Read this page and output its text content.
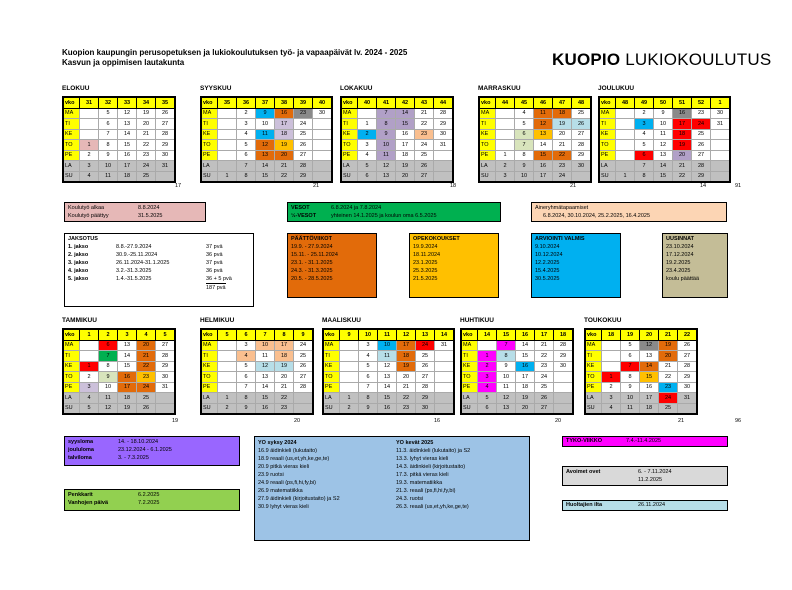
Kuopion kaupungin perusopetuksen ja lukiokoulutuksen työ- ja vapaapäivät lv. 2024 - 2025
Kasvun ja oppimisen lautakunta	KUOPIO LUKIOKOULUTUS
ELOKUU
vko	31	32	33	34	35
MA		5	12	19	26
TI		6	13	20	27
KE		7	14	21	28
TO	1	8	15	22	29
PE	2	9	16	23	30
LA	3	10	17	24	31
SU	4	11	18	25	
17
SYYSKUU
vko	35	36	37	38	39	40
MA		2	9	16	23	30
TI		3	10	17	24	
KE		4	11	18	25	
TO		5	12	19	26	
PE		6	13	20	27	
LA		7	14	21	28	
SU	1	8	15	22	29	
21
LOKAKUU
vko	40	41	42	43	44
MA		7	14	21	28
TI	1	8	15	22	29
KE	2	9	16	23	30
TO	3	10	17	24	31
PE	4	11	18	25	
LA	5	12	19	26	
SU	6	13	20	27	
18
MARRASKUU
vko	44	45	46	47	48
MA		4	11	18	25
TI		5	12	19	26
KE		6	13	20	27
TO		7	14	21	28
PE	1	8	15	22	29
LA	2	9	16	23	30
SU	3	10	17	24	
21
JOULUKUU
vko	48	49	50	51	52	1
MA		2	9	16	23	30
TI		3	10	17	24	31
KE		4	11	18	25	
TO		5	12	19	26	
PE		6	13	20	27	
LA		7	14	21	28	
SU	1	8	15	22	29	
14
TAMMIKUU
vko	1	2	3	4	5
MA		6	13	20	27
TI		7	14	21	28
KE	1	8	15	22	29
TO	2	9	16	23	30
PE	3	10	17	24	31
LA	4	11	18	25	
SU	5	12	19	26	
19
HELMIKUU
vko	5	6	7	8	9
MA		3	10	17	24
TI		4	11	18	25
KE		5	12	19	26
TO		6	13	20	27
PE		7	14	21	28
LA	1	8	15	22	
SU	2	9	16	23	
20
MAALISKUU
vko	9	10	11	12	13	14
MA		3	10	17	24	31
TI		4	11	18	25	
KE		5	12	19	26	
TO		6	13	20	27	
PE		7	14	21	28	
LA	1	8	15	22	29	
SU	2	9	16	23	30	
16
HUHTIKUU
vko	14	15	16	17	18
MA		7	14	21	28
TI	1	8	15	22	29
KE	2	9	16	23	30
TO	3	10	17	24	
PE	4	11	18	25	
LA	5	12	19	26	
SU	6	13	20	27	
20
TOUKOKUU
vko	18	19	20	21	22
MA		5	12	19	26
TI		6	13	20	27
KE		7	14	21	28
TO	1	8	15	22	29
PE	2	9	16	23	30
LA	3	10	17	24	31
SU	4	11	18	25	
21
91
96
Koulutyö alkaa	8.8.2024
Koulutyö päättyy	31.5.2025
VESOT	6.8.2024 ja 7.8.2024
½-VESOT	yhteinen 14.1.2025 ja koulun oma 6.5.2025
Aineryhmätapaamiset
6.8.2024, 30.10.2024, 25.2.2025, 16.4.2025
JAKSOTUS
1. jakso	8.8.-27.9.2024	37 pvä
2. jakso	30.9.-25.11.2024	36 pvä
3. jakso	26.11.2024-31.1.2025	37 pvä
4. jakso	3.2.-31.3.2025	36 pvä
5. jakso	1.4.-31.5.2025	36 + 5 pvä
187 pvä
PÄÄTTÖVIIKOT
19.9. - 27.9.2024
15.11. - 25.11.2024
23.1. - 31.1.2025
24.3. - 31.3.2025
20.5. - 28.5.2025
OPEKOKOUKSET
19.9.2024
18.11.2024
23.1.2025
25.3.2025
21.5.2025
ARVIOINTI VALMIS
9.10.2024
10.12.2024
12.2.2025
15.4.2025
30.5.2025
UUSINNAT
23.10.2024
17.12.2024
19.2.2025
23.4.2025
koulu päättää
syysloma	14. - 18.10.2024
joululoma	23.12.2024 - 6.1.2025
talviloma	3. - 7.3.2025
Penkkarit	6.2.2025
Vanhojen päivä	7.2.2025
YO syksy 2024
16.9 äidinkieli (lukutaito)
18.9 reaali (us,et,yh,ke,ge,te)
20.9 pitkä vieras kieli
23.9 ruotsi
24.9 reaali (ps,fi,hi,fy,bi)
26.9 matematiikka
27.9 äidinkieli (kirjoitustaito) ja S2
30.9 lyhyt vieras kieli
YO kevät 2025
11.3. äidinkieli (lukutaito) ja S2
13.3. lyhyt vieras kieli
14.3. äidinkieli (kirjoitustaito)
17.3. pitkä vieras kieli
19.3. matematiikka
21.3. reaali (ps,fi,hi,fy,bi)
24.3. ruotsi
26.3. reaali (us,et,yh,ke,ge,te)
TYKO-VIIKKO	7.4.-11.4.2025
Avoimet ovet	6. - 7.11.2024
11.2.2025
Huoltajien ilta	26.11.2024
